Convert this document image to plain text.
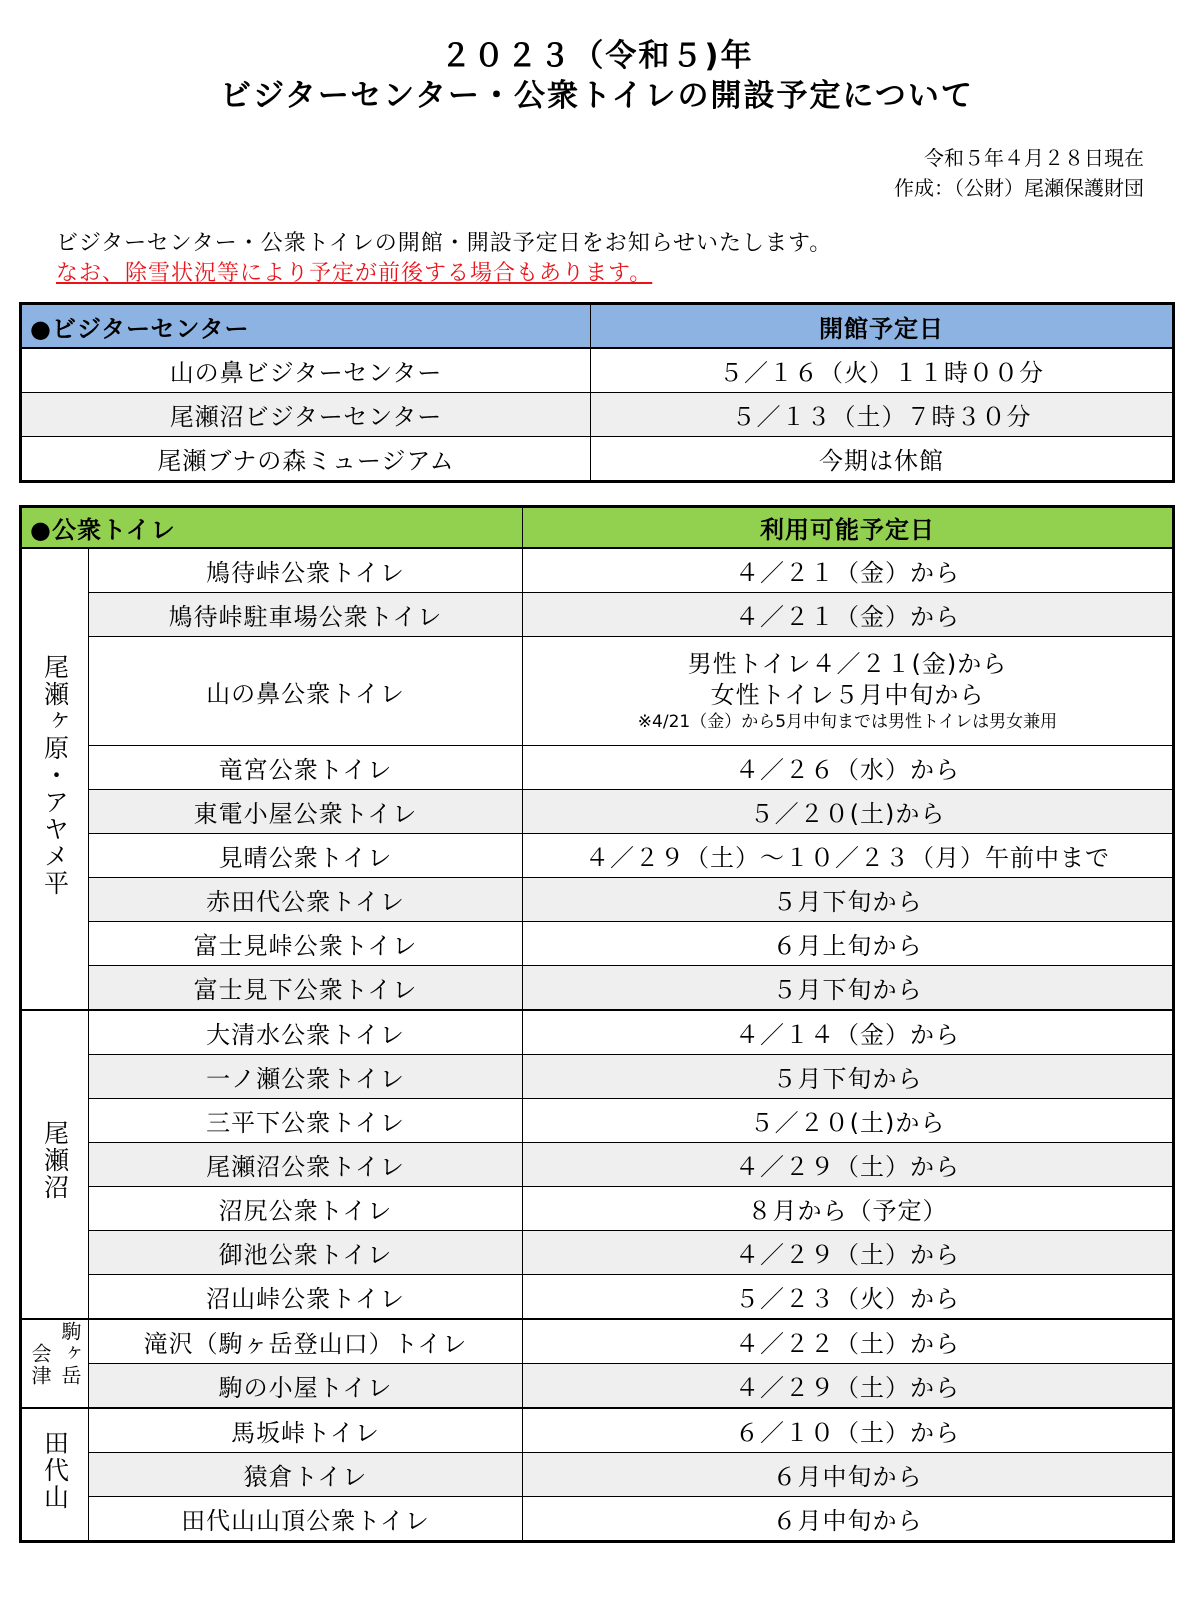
２０２３（令和５)年
ビジターセンター・公衆トイレの開設予定について
令和５年４月２８日現在
作成：（公財）尾瀬保護財団
ビジターセンター・公衆トイレの開館・開設予定日をお知らせいたします。
なお、除雪状況等により予定が前後する場合もあります。
●ビジターセンター	開館予定日
山の鼻ビジターセンター	５／１６（火）１１時００分
尾瀬沼ビジターセンター	５／１３（土）７時３０分
尾瀬ブナの森ミュージアム	今期は休館
●公衆トイレ		利用可能予定日
尾瀬ヶ原・アヤメ平	鳩待峠公衆トイレ	４／２１（金）から
	鳩待峠駐車場公衆トイレ	４／２１（金）から
	山の鼻公衆トイレ	男性トイレ４／２１(金)から
女性トイレ５月中旬から
※4/21（金）から5月中旬までは男性トイレは男女兼用

	竜宮公衆トイレ	４／２６（水）から
	東電小屋公衆トイレ	５／２０(土)から
	見晴公衆トイレ	４／２９（土）～１０／２３（月）午前中まで
	赤田代公衆トイレ	５月下旬から
	富士見峠公衆トイレ	６月上旬から
	富士見下公衆トイレ	５月下旬から
尾瀬沼	大清水公衆トイレ	４／１４（金）から
	一ノ瀬公衆トイレ	５月下旬から
	三平下公衆トイレ	５／２０(土)から
	尾瀬沼公衆トイレ	４／２９（土）から
	沼尻公衆トイレ	８月から（予定）
	御池公衆トイレ	４／２９（土）から
	沼山峠公衆トイレ	５／２３（火）から

会津 駒ヶ岳	滝沢（駒ヶ岳登山口）トイレ	４／２２（土）から
	駒の小屋トイレ	４／２９（土）から
田代山	馬坂峠トイレ	６／１０（土）から
	猿倉トイレ	６月中旬から
	田代山山頂公衆トイレ	６月中旬から
